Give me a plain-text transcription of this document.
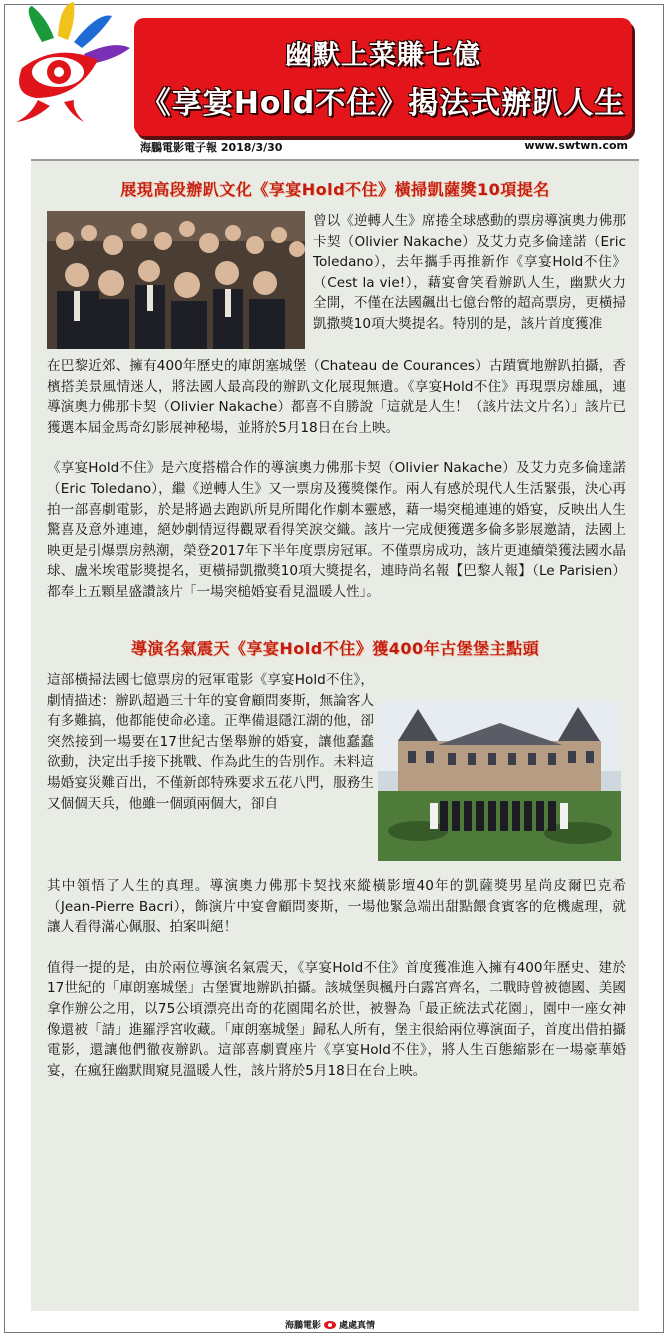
幽默上菜賺七億
《享宴Hold不住》揭法式辦趴人生
海鵬電影電子報 2018/3/30	www.swtwn.com
展現高段辦趴文化《享宴Hold不住》橫掃凱薩獎10項提名

曾以《逆轉人生》席捲全球感動的票房導演奧力佛那卡契（Olivier Nakache）及艾力克多倫達諾（Eric Toledano），去年攜手再推新作《享宴Hold不住》（Cest la vie!），藉宴會笑看辦趴人生，幽默火力全開，不僅在法國飆出七億台幣的超高票房，更橫掃凱撒獎10項大獎提名。特別的是，該片首度獲准

在巴黎近郊、擁有400年歷史的庫朗塞城堡（Chateau de Courances）古蹟實地辦趴拍攝，香檳搭美景風情迷人，將法國人最高段的辦趴文化展現無遺。《享宴Hold不住》再現票房雄風，連導演奧力佛那卡契（Olivier Nakache）都喜不自勝說「這就是人生！（該片法文片名）」該片已獲選本屆金馬奇幻影展神秘場，並將於5月18日在台上映。

《享宴Hold不住》是六度搭檔合作的導演奧力佛那卡契（Olivier Nakache）及艾力克多倫達諾（Eric Toledano），繼《逆轉人生》又一票房及獲獎傑作。兩人有感於現代人生活緊張，決心再拍一部喜劇電影，於是將過去跑趴所見所聞化作劇本靈感，藉一場突槌連連的婚宴，反映出人生驚喜及意外連連，絕妙劇情逗得觀眾看得笑淚交織。該片一完成便獲選多倫多影展邀請，法國上映更是引爆票房熱潮，榮登2017年下半年度票房冠軍。不僅票房成功，該片更連續榮獲法國水晶球、盧米埃電影獎提名，更橫掃凱撒獎10項大獎提名，連時尚名報【巴黎人報】（Le Parisien）都奉上五顆星盛讚該片「一場突槌婚宴看見溫暖人性」。

導演名氣震天《享宴Hold不住》獲400年古堡堡主點頭

這部橫掃法國七億票房的冠軍電影《享宴Hold不住》，劇情描述：辦趴超過三十年的宴會顧問麥斯，無論客人有多難搞，他都能使命必達。正準備退隱江湖的他，卻突然接到一場要在17世紀古堡舉辦的婚宴，讓他蠢蠢欲動，決定出手接下挑戰、作為此生的告別作。未料這場婚宴災難百出，不僅新郎特殊要求五花八門，服務生又個個天兵，他雖一個頭兩個大，卻自

其中領悟了人生的真理。導演奧力佛那卡契找來縱橫影壇40年的凱薩獎男星尚皮爾巴克希（Jean-Pierre Bacri），飾演片中宴會顧問麥斯，一場他緊急端出甜點餵食賓客的危機處理，就讓人看得滿心佩服、拍案叫絕！

值得一提的是，由於兩位導演名氣震天，《享宴Hold不住》首度獲准進入擁有400年歷史、建於17世紀的「庫朗塞城堡」古堡實地辦趴拍攝。該城堡與楓丹白露宮齊名，二戰時曾被德國、美國拿作辦公之用，以75公頃漂亮出奇的花園聞名於世，被譽為「最正統法式花園」，園中一座女神像還被「請」進羅浮宮收藏。「庫朗塞城堡」歸私人所有，堡主很給兩位導演面子，首度出借拍攝電影，還讓他們徹夜辦趴。這部喜劇賣座片《享宴Hold不住》，將人生百態縮影在一場豪華婚宴，在瘋狂幽默間窺見溫暖人性，該片將於5月18日在台上映。

海鵬電影 處處真情
